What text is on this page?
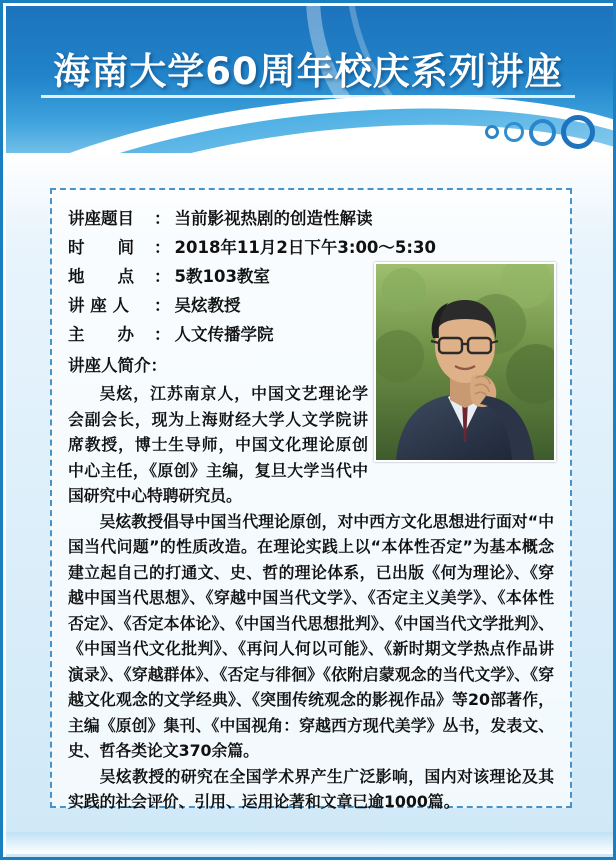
海南大学60周年校庆系列讲座
讲座题目	： 当前影视热剧的创造性解读
时　　间	： 2018年11月2日下午3:00～5:30
地　　点	： 5教103教室
讲 座 人	： 吴炫教授
主　　办	： 人文传播学院
讲座人简介：

吴炫，江苏南京人，中国文艺理论学会副会长，现为上海财经大学人文学院讲席教授，博士生导师，中国文化理论原创中心主任，《原创》主编，复旦大学当代中国研究中心特聘研究员。

吴炫教授倡导中国当代理论原创，对中西方文化思想进行面对“中国当代问题”的性质改造。在理论实践上以“本体性否定”为基本概念建立起自己的打通文、史、哲的理论体系，已出版《何为理论》、《穿越中国当代思想》、《穿越中国当代文学》、《否定主义美学》、《本体性否定》、《否定本体论》、《中国当代思想批判》、《中国当代文学批判》、《中国当代文化批判》、《再问人何以可能》、《新时期文学热点作品讲演录》、《穿越群体》、《否定与徘徊》《依附启蒙观念的当代文学》、《穿越文化观念的文学经典》、《突围传统观念的影视作品》等20部著作，主编《原创》集刊、《中国视角：穿越西方现代美学》丛书，发表文、史、哲各类论文370余篇。

吴炫教授的研究在全国学术界产生广泛影响，国内对该理论及其实践的社会评价、引用、运用论著和文章已逾1000篇。
